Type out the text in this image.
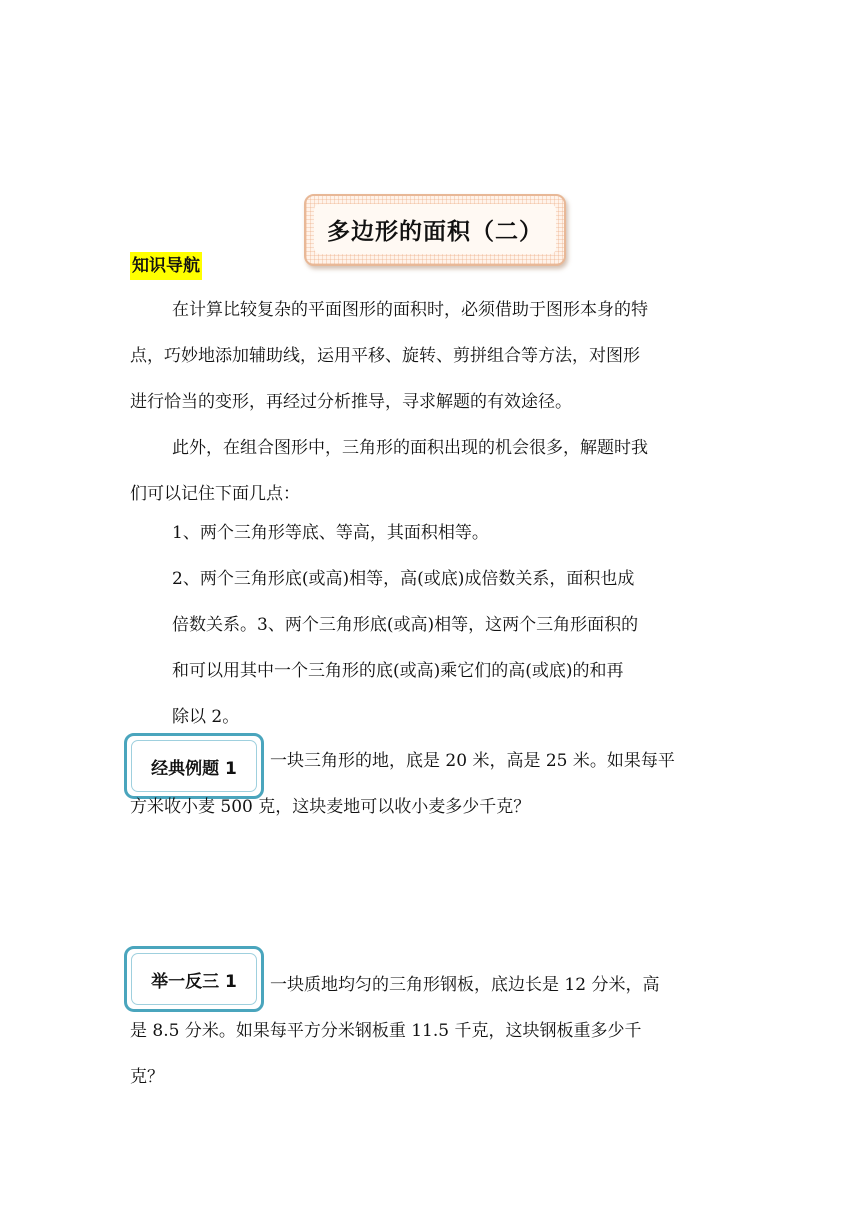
多边形的面积（二）
知识导航
在计算比较复杂的平面图形的面积时，必须借助于图形本身的特
点，巧妙地添加辅助线，运用平移、旋转、剪拼组合等方法，对图形
进行恰当的变形，再经过分析推导，寻求解题的有效途径。
此外，在组合图形中，三角形的面积出现的机会很多，解题时我
们可以记住下面几点：
1、两个三角形等底、等高，其面积相等。
2、两个三角形底(或高)相等，高(或底)成倍数关系，面积也成
倍数关系。3、两个三角形底(或高)相等，这两个三角形面积的
和可以用其中一个三角形的底(或高)乘它们的高(或底)的和再
除以 2。
经典例题 1	一块三角形的地，底是 20 米，高是 25 米。如果每平
方米收小麦 500 克，这块麦地可以收小麦多少千克？
举一反三 1	一块质地均匀的三角形钢板，底边长是 12 分米，高
是 8.5 分米。如果每平方分米钢板重 11.5 千克，这块钢板重多少千
克？
